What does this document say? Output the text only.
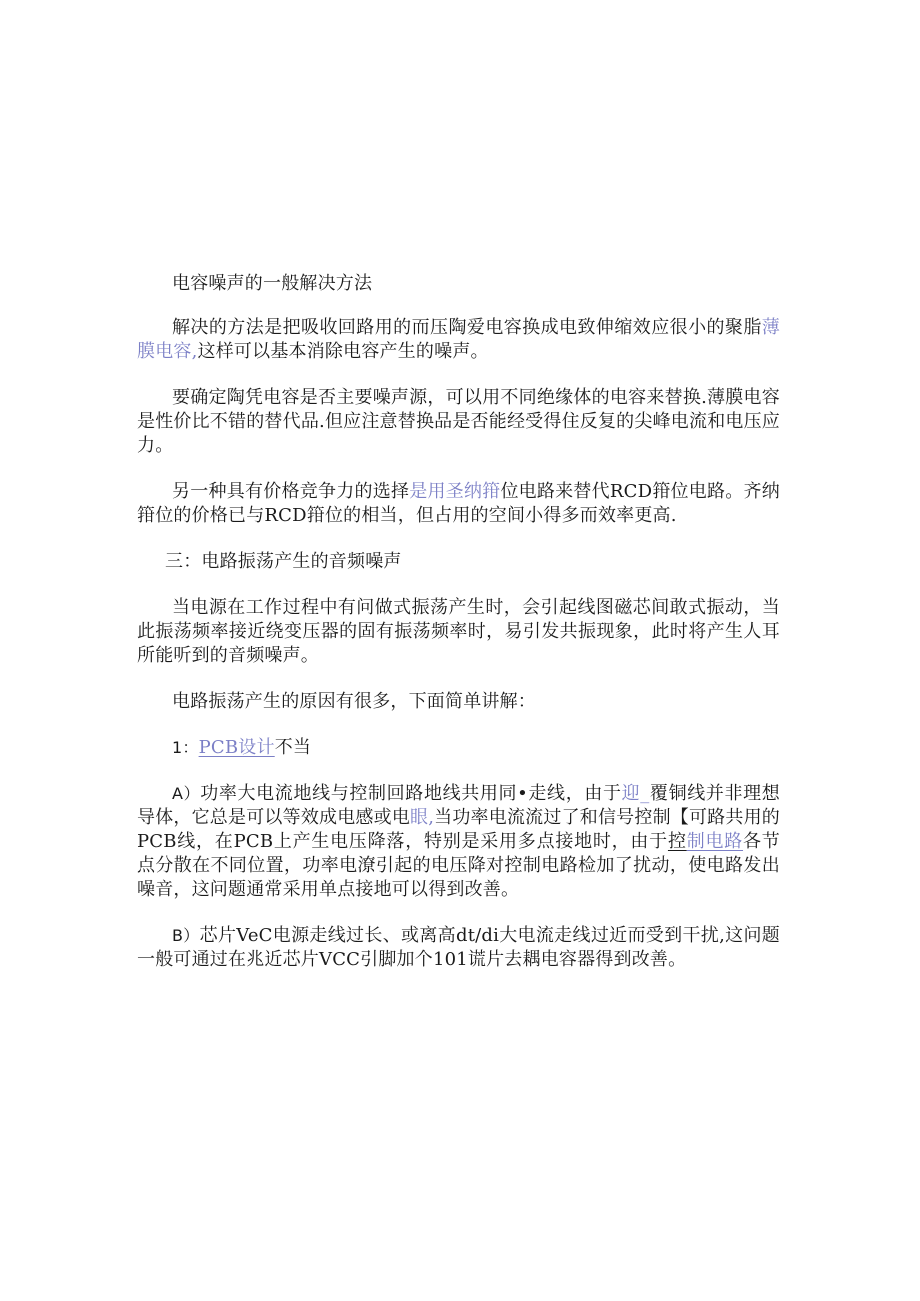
电容噪声的一般解决方法

解决的方法是把吸收回路用的而压陶爱电容换成电致伸缩效应很小的聚脂薄膜电容,这样可以基本消除电容产生的噪声。

要确定陶凭电容是否主要噪声源，可以用不同绝缘体的电容来替换.薄膜电容是性价比不错的替代品.但应注意替换品是否能经受得住反复的尖峰电流和电压应力。

另一种具有价格竞争力的选择是用圣纳箝位电路来替代RCD箝位电路。齐纳箝位的价格已与RCD箝位的相当，但占用的空间小得多而效率更高.

三：电路振荡产生的音频噪声

当电源在工作过程中有问做式振荡产生时，会引起线图磁芯间敢式振动，当此振荡频率接近绕变压器的固有振荡频率时，易引发共振现象，此时将产生人耳所能听到的音频噪声。

电路振荡产生的原因有很多，下面简单讲解：

1：PCB设计不当

A）功率大电流地线与控制回路地线共用同•走线，由于迎_覆铜线并非理想导体，它总是可以等效成电感或电眼,当功率电流流过了和信号控制【可路共用的PCB线，在PCB上产生电压降落，特别是采用多点接地时，由于控制电路各节点分散在不同位置，功率电潦引起的电压降对控制电路检加了扰动，使电路发出噪音，这问题通常采用单点接地可以得到改善。

B）芯片VeC电源走线过长、或离高dt/di大电流走线过近而受到干扰,这问题一般可通过在兆近芯片VCC引脚加个101谎片去耦电容器得到改善。
